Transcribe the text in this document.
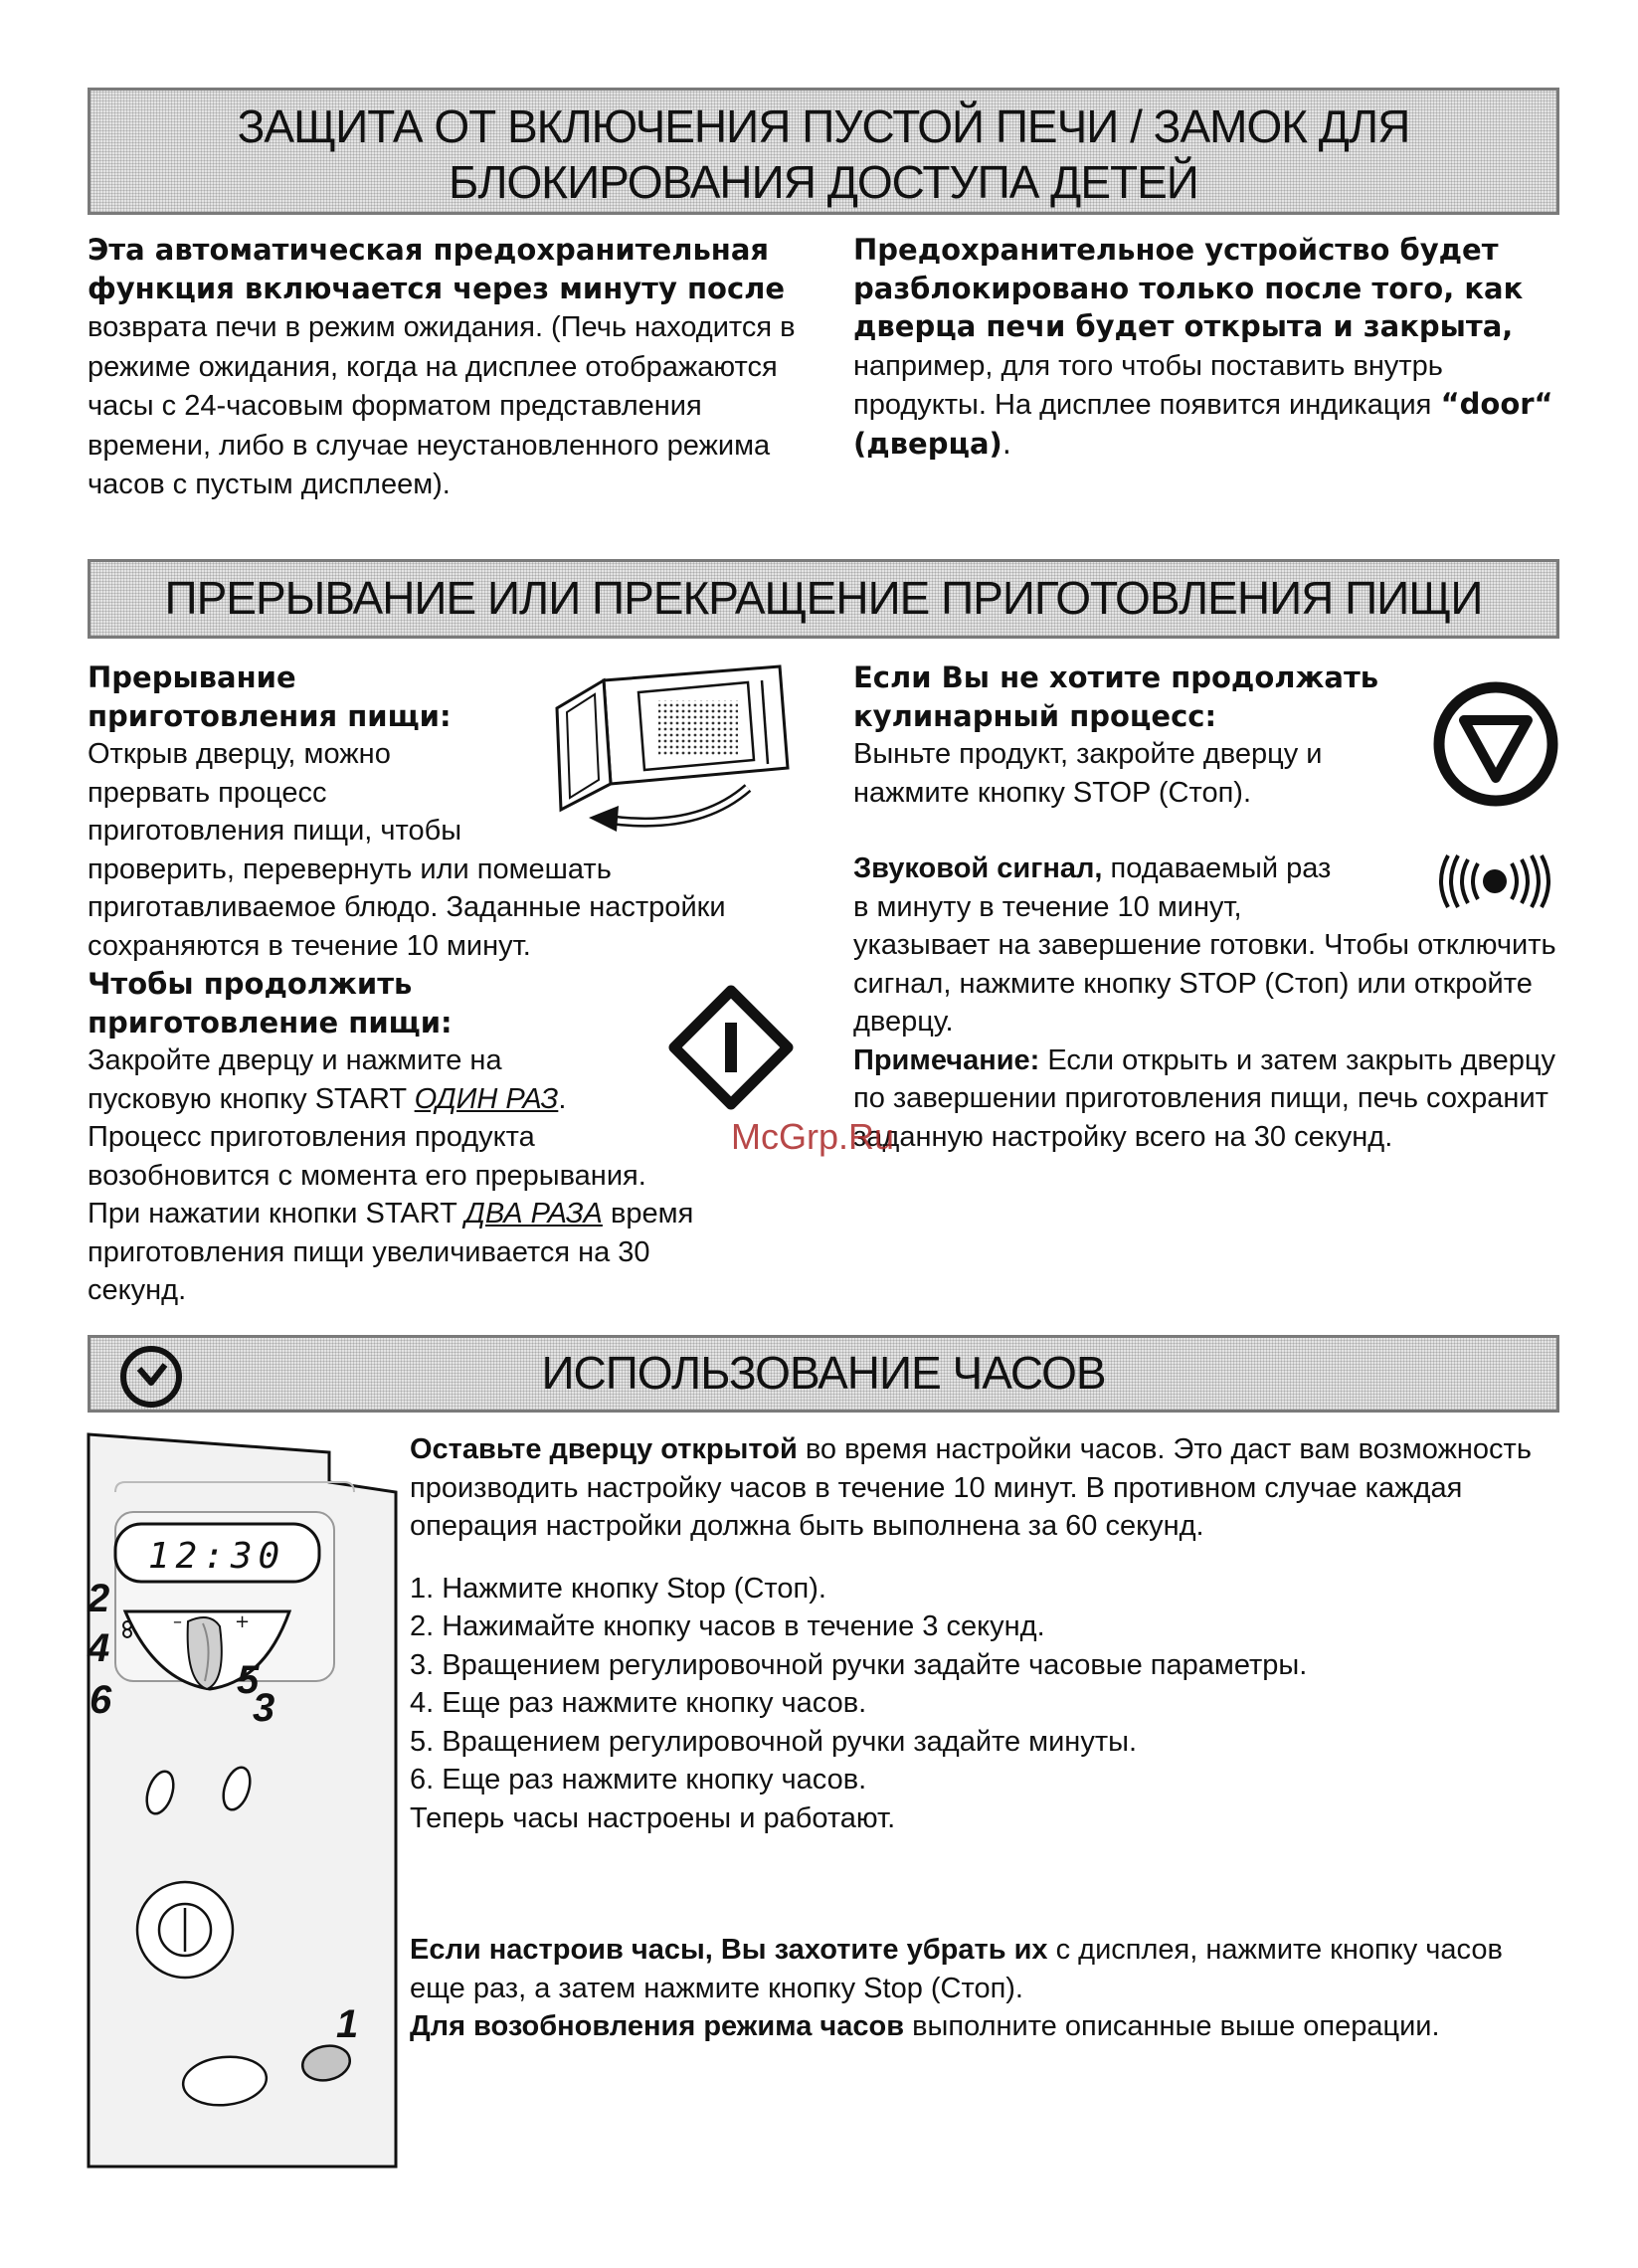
ЗАЩИТА ОТ ВКЛЮЧЕНИЯ ПУСТОЙ ПЕЧИ / ЗАМОК ДЛЯ
БЛОКИРОВАНИЯ ДОСТУПА ДЕТЕЙ

Эта автоматическая предохранительная функция включается через минуту после возврата печи в режим ожидания. (Печь находится в режиме ожидания, когда на дисплее отображаются часы с 24-часовым форматом представления времени, либо в случае неустановленного режима часов с пустым дисплеем).

Предохранительное устройство будет разблокировано только после того, как дверца печи будет открыта и закрыта, например, для того чтобы поставить внутрь продукты. На дисплее появится индикация “door“ (дверца).

ПРЕРЫВАНИЕ ИЛИ ПРЕКРАЩЕНИЕ ПРИГОТОВЛЕНИЯ ПИЩИ

Прерывание

приготовления пищи:

Открыв дверцу, можно

прервать процесс

приготовления пищи, чтобы

проверить, перевернуть или помешать приготавливаемое блюдо. Заданные настройки сохраняются в течение 10 минут.

Чтобы продолжить

приготовление пищи:

Закройте дверцу и нажмите на

пусковую кнопку START ОДИН РАЗ.

Процесс приготовления продукта

возобновится с момента его прерывания.

При нажатии кнопки START ДВА РАЗА время

приготовления пищи увеличивается на 30

секунд.

Если Вы не хотите продолжать

кулинарный процесс:

Выньте продукт, закройте дверцу и

нажмите кнопку STOP (Стоп).

Звуковой сигнал, подаваемый раз

в минуту в течение 10 минут,

указывает на завершение готовки. Чтобы отключить сигнал, нажмите кнопку STOP (Стоп) или откройте дверцу.

Примечание: Если открыть и затем закрыть дверцу по завершении приготовления пищи, печь сохранит заданную настройку всего на 30 секунд.

McGrp.Ru
ИСПОЛЬЗОВАНИЕ ЧАСОВ
12:30
–	+
2
4
6	5
3
1

Оставьте дверцу открытой во время настройки часов. Это даст вам возможность производить настройку часов в течение 10 минут. В противном случае каждая операция настройки должна быть выполнена за 60 секунд.

1. Нажмите кнопку Stop (Стоп).
2. Нажимайте кнопку часов в течение 3 секунд.
3. Вращением регулировочной ручки задайте часовые параметры.
4. Еще раз нажмите кнопку часов.
5. Вращением регулировочной ручки задайте минуты.
6. Еще раз нажмите кнопку часов.

Теперь часы настроены и работают.

Если настроив часы, Вы захотите убрать их с дисплея, нажмите кнопку часов еще раз, а затем нажмите кнопку Stop (Стоп).

Для возобновления режима часов выполните описанные выше операции.
